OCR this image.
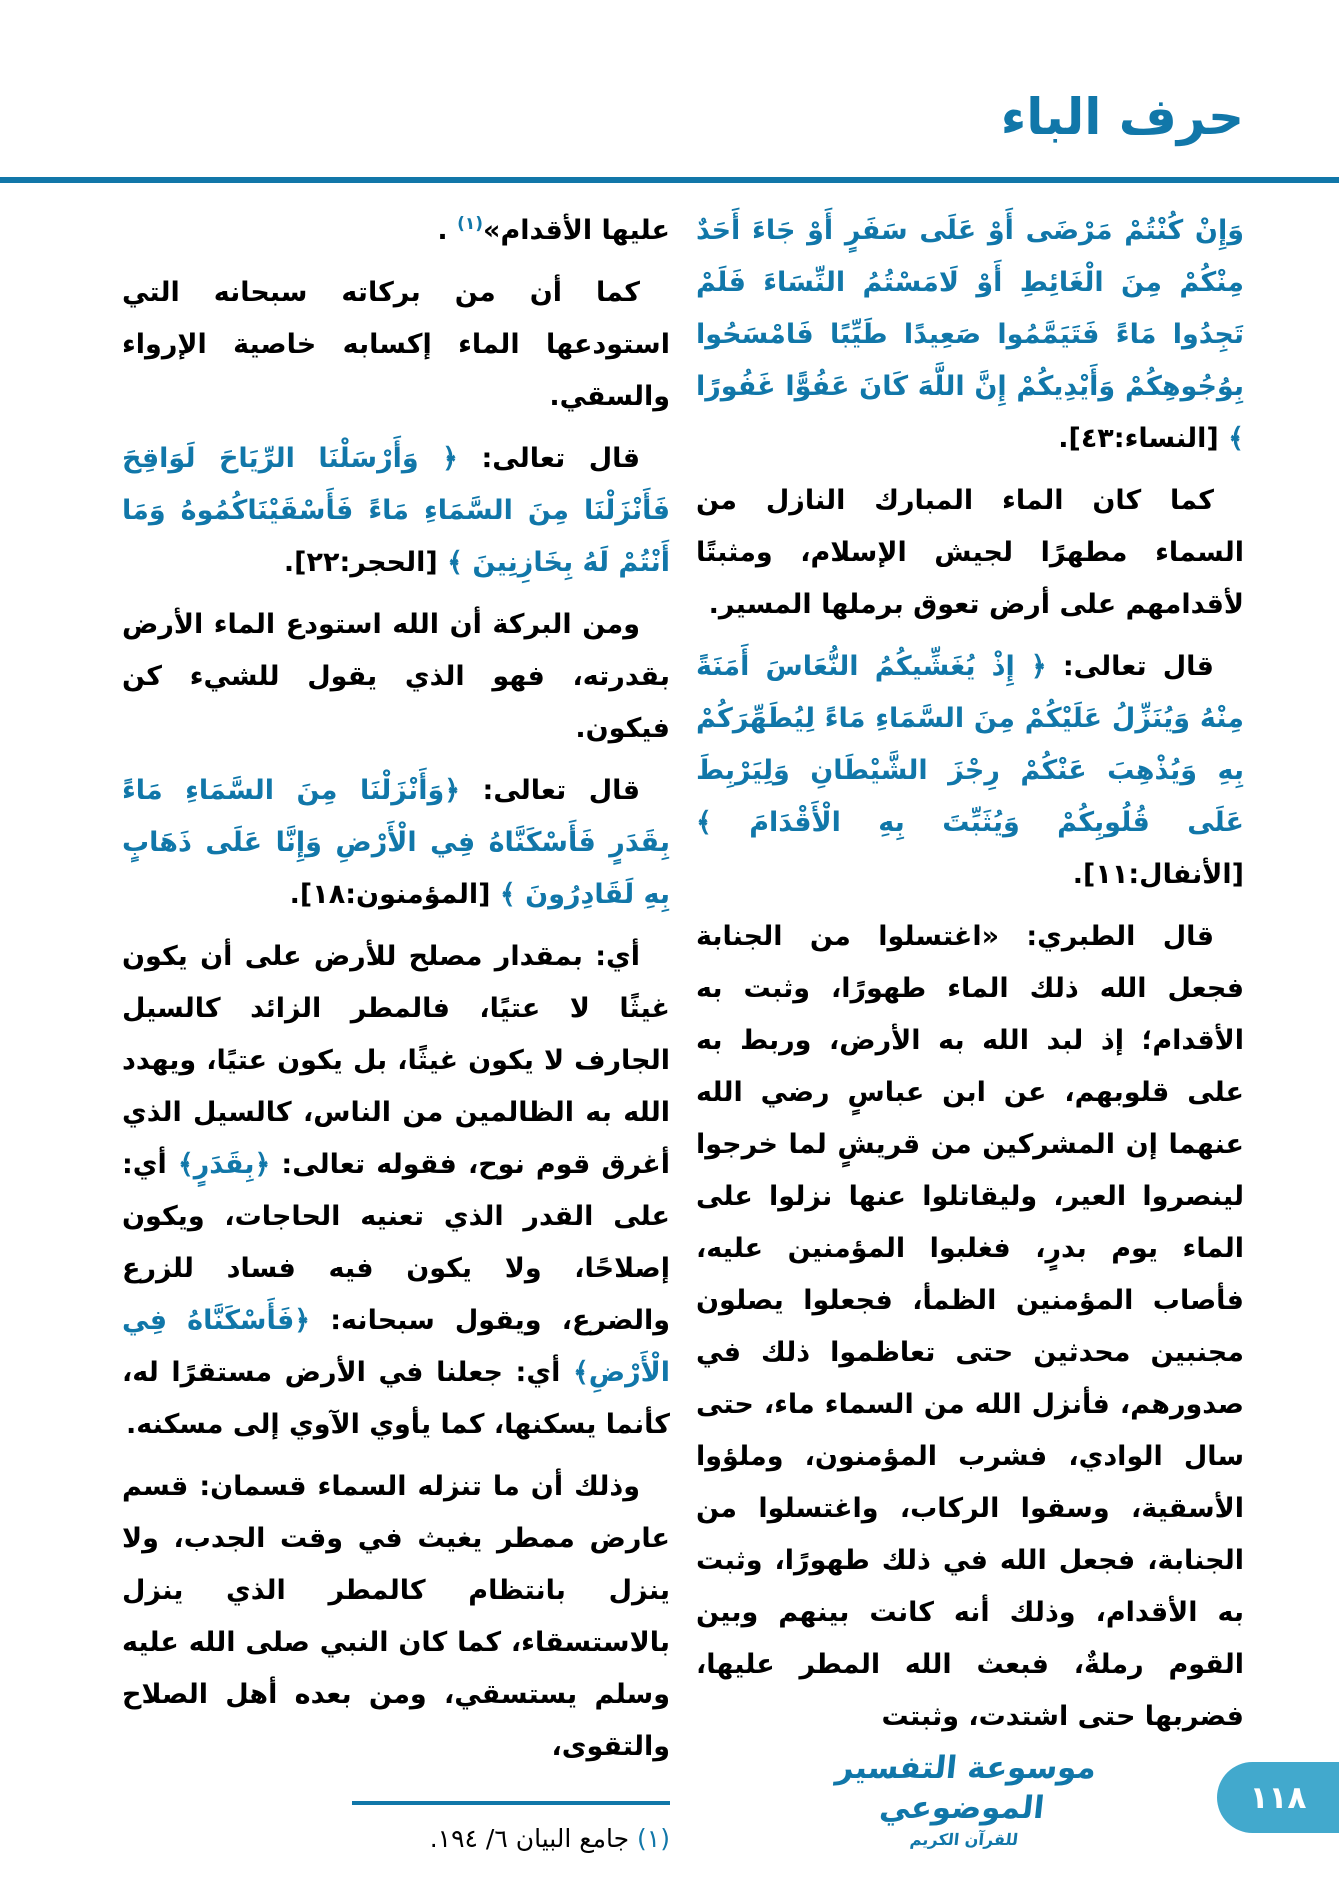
حرف الباء

وَإِنْ كُنْتُمْ مَرْضَى أَوْ عَلَى سَفَرٍ أَوْ جَاءَ أَحَدٌ مِنْكُمْ مِنَ الْغَائِطِ أَوْ لَامَسْتُمُ النِّسَاءَ فَلَمْ تَجِدُوا مَاءً فَتَيَمَّمُوا صَعِيدًا طَيِّبًا فَامْسَحُوا بِوُجُوهِكُمْ وَأَيْدِيكُمْ إِنَّ اللَّهَ كَانَ عَفُوًّا غَفُورًا ﴾ [النساء:٤٣].

كما كان الماء المبارك النازل من السماء مطهرًا لجيش الإسلام، ومثبتًا لأقدامهم على أرض تعوق برملها المسير.

قال تعالى: ﴿ إِذْ يُغَشِّيكُمُ النُّعَاسَ أَمَنَةً مِنْهُ وَيُنَزِّلُ عَلَيْكُمْ مِنَ السَّمَاءِ مَاءً لِيُطَهِّرَكُمْ بِهِ وَيُذْهِبَ عَنْكُمْ رِجْزَ الشَّيْطَانِ وَلِيَرْبِطَ عَلَى قُلُوبِكُمْ وَيُثَبِّتَ بِهِ الْأَقْدَامَ ﴾ [الأنفال:١١].

قال الطبري: «اغتسلوا من الجنابة فجعل الله ذلك الماء طهورًا، وثبت به الأقدام؛ إذ لبد الله به الأرض، وربط به على قلوبهم، عن ابن عباسٍ رضي الله عنهما إن المشركين من قريشٍ لما خرجوا لينصروا العير، وليقاتلوا عنها نزلوا على الماء يوم بدرٍ، فغلبوا المؤمنين عليه، فأصاب المؤمنين الظمأ، فجعلوا يصلون مجنبين محدثين حتى تعاظموا ذلك في صدورهم، فأنزل الله من السماء ماء، حتى سال الوادي، فشرب المؤمنون، وملؤوا الأسقية، وسقوا الركاب، واغتسلوا من الجنابة، فجعل الله في ذلك طهورًا، وثبت به الأقدام، وذلك أنه كانت بينهم وبين القوم رملةٌ، فبعث الله المطر عليها، فضربها حتى اشتدت، وثبتت

عليها الأقدام»$^{(١)}$ .

كما أن من بركاته سبحانه التي استودعها الماء إكسابه خاصية الإرواء والسقي.

قال تعالى: ﴿ وَأَرْسَلْنَا الرِّيَاحَ لَوَاقِحَ فَأَنْزَلْنَا مِنَ السَّمَاءِ مَاءً فَأَسْقَيْنَاكُمُوهُ وَمَا أَنْتُمْ لَهُ بِخَازِنِينَ ﴾ [الحجر:٢٢].

ومن البركة أن الله استودع الماء الأرض بقدرته، فهو الذي يقول للشيء كن فيكون.

قال تعالى: ﴿وَأَنْزَلْنَا مِنَ السَّمَاءِ مَاءً بِقَدَرٍ فَأَسْكَنَّاهُ فِي الْأَرْضِ وَإِنَّا عَلَى ذَهَابٍ بِهِ لَقَادِرُونَ ﴾ [المؤمنون:١٨].

أي: بمقدار مصلح للأرض على أن يكون غيثًا لا عتيًا، فالمطر الزائد كالسيل الجارف لا يكون غيثًا، بل يكون عتيًا، ويهدد الله به الظالمين من الناس، كالسيل الذي أغرق قوم نوح، فقوله تعالى: ﴿بِقَدَرٍ﴾ أي: على القدر الذي تعنيه الحاجات، ويكون إصلاحًا، ولا يكون فيه فساد للزرع والضرع، ويقول سبحانه: ﴿فَأَسْكَنَّاهُ فِي الْأَرْضِ﴾ أي: جعلنا في الأرض مستقرًا له، كأنما يسكنها، كما يأوي الآوي إلى مسكنه.

وذلك أن ما تنزله السماء قسمان: قسم عارض ممطر يغيث في وقت الجدب، ولا ينزل بانتظام كالمطر الذي ينزل بالاستسقاء، كما كان النبي صلى الله عليه وسلم يستسقي، ومن بعده أهل الصلاح والتقوى،

(١) جامع البيان ٦/ ١٩٤.
موسوعة التفسير الموضوعي
للقرآن الكريم
١١٨
